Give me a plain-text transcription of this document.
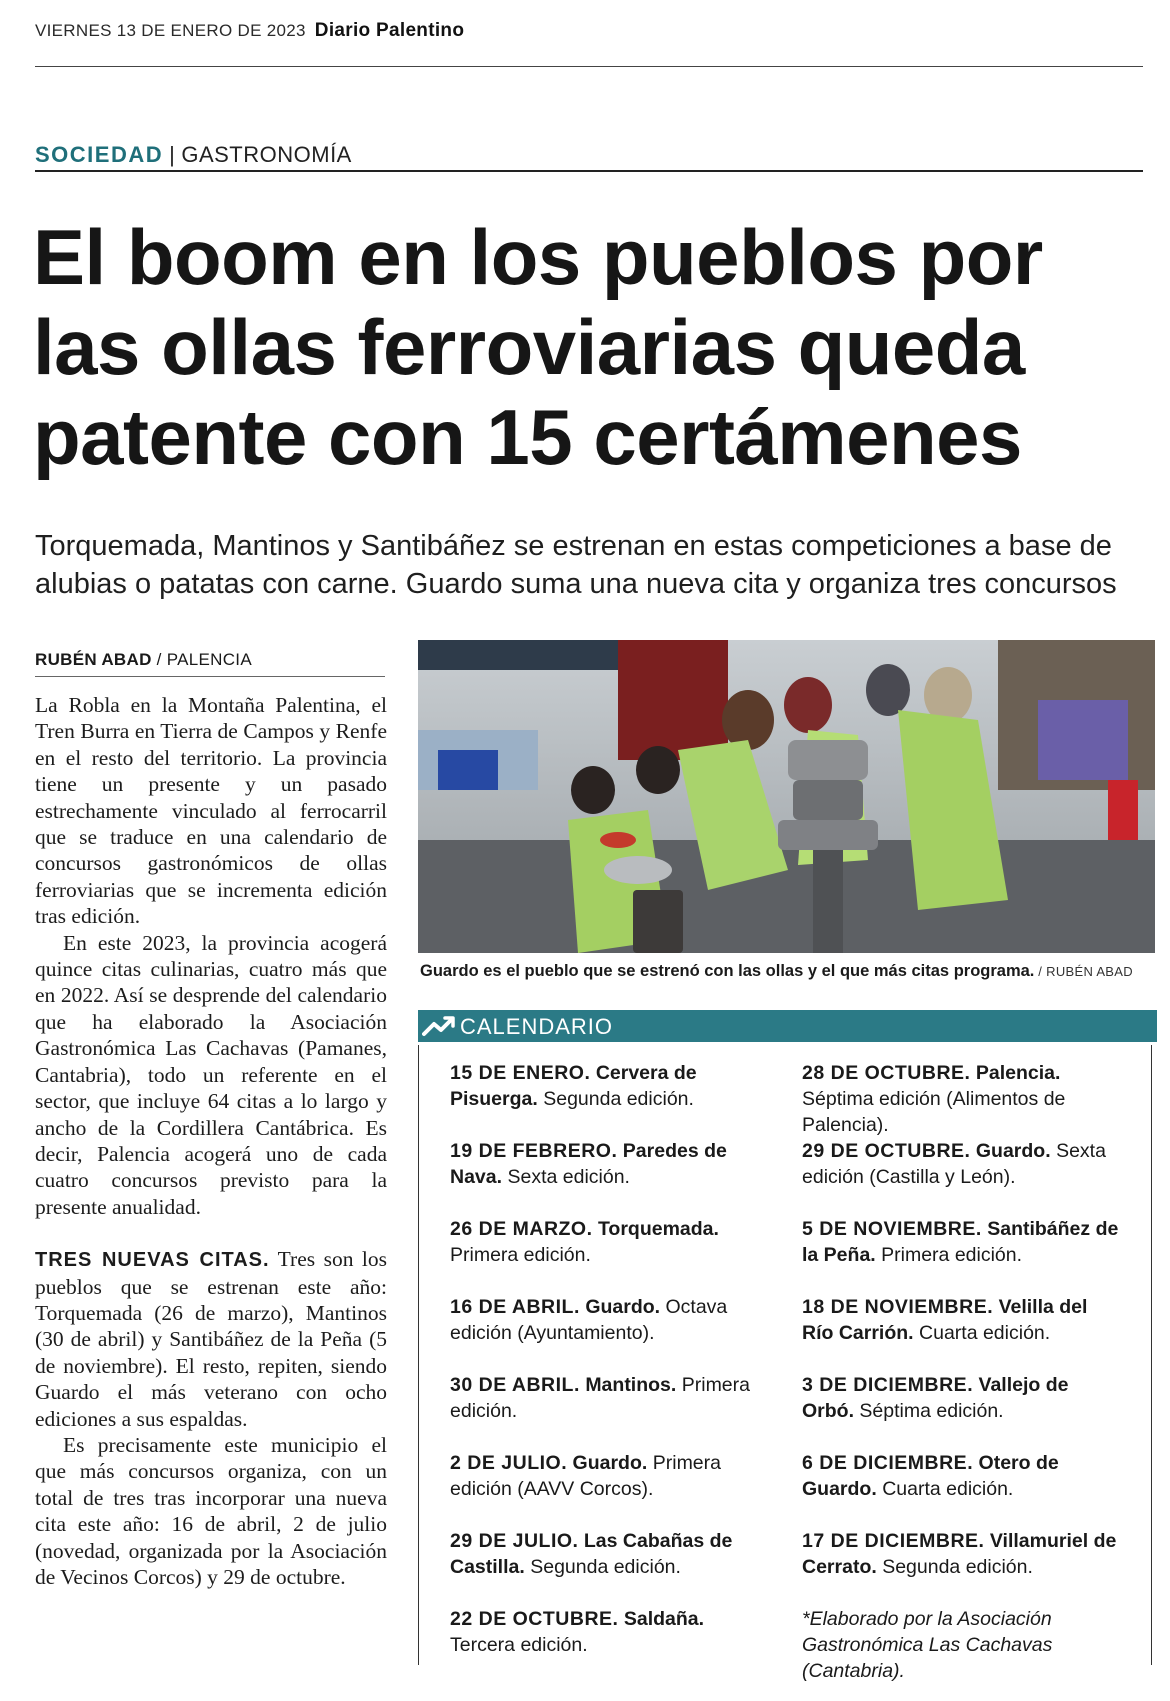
VIERNES 13 DE ENERO DE 2023 Diario Palentino
SOCIEDAD | GASTRONOMÍA
El boom en los pueblos por las ollas ferroviarias queda patente con 15 certámenes

Torquemada, Mantinos y Santibáñez se estrenan en estas competiciones a base de alubias o patatas con carne. Guardo suma una nueva cita y organiza tres concursos

RUBÉN ABAD / PALENCIA

La Robla en la Montaña Palentina, el Tren Burra en Tierra de Campos y Renfe en el resto del territorio. La provincia tiene un presente y un pasado estrechamente vinculado al ferrocarril que se traduce en una calendario de concursos gastronómicos de ollas ferroviarias que se incrementa edición tras edición.

En este 2023, la provincia acogerá quince citas culinarias, cuatro más que en 2022. Así se desprende del calendario que ha elaborado la Asociación Gastronómica Las Cachavas (Pamanes, Cantabria), todo un referente en el sector, que incluye 64 citas a lo largo y ancho de la Cordillera Cantábrica. Es decir, Palencia acogerá uno de cada cuatro concursos previsto para la presente anualidad.

TRES NUEVAS CITAS. Tres son los pueblos que se estrenan este año: Torquemada (26 de marzo), Mantinos (30 de abril) y Santibáñez de la Peña (5 de noviembre). El resto, repiten, siendo Guardo el más veterano con ocho ediciones a sus espaldas.

Es precisamente este municipio el que más concursos organiza, con un total de tres tras incorporar una nueva cita este año: 16 de abril, 2 de julio (novedad, organizada por la Asociación de Vecinos Corcos) y 29 de octubre.

Guardo es el pueblo que se estrenó con las ollas y el que más citas programa. / RUBÉN ABAD
CALENDARIO
15 DE ENERO. Cervera de Pisuerga. Segunda edición.
19 DE FEBRERO. Paredes de Nava. Sexta edición.
26 DE MARZO. Torquemada. Primera edición.
16 DE ABRIL. Guardo. Octava edición (Ayuntamiento).
30 DE ABRIL. Mantinos. Primera edición.
2 DE JULIO. Guardo. Primera edición (AAVV Corcos).
29 DE JULIO. Las Cabañas de Castilla. Segunda edición.
22 DE OCTUBRE. Saldaña. Tercera edición.
28 DE OCTUBRE. Palencia. Séptima edición (Alimentos de Palencia).
29 DE OCTUBRE. Guardo. Sexta edición (Castilla y León).
5 DE NOVIEMBRE. Santibáñez de la Peña. Primera edición.
18 DE NOVIEMBRE. Velilla del Río Carrión. Cuarta edición.
3 DE DICIEMBRE. Vallejo de Orbó. Séptima edición.
6 DE DICIEMBRE. Otero de Guardo. Cuarta edición.
17 DE DICIEMBRE. Villamuriel de Cerrato. Segunda edición.
*Elaborado por la Asociación Gastronómica Las Cachavas (Cantabria).
